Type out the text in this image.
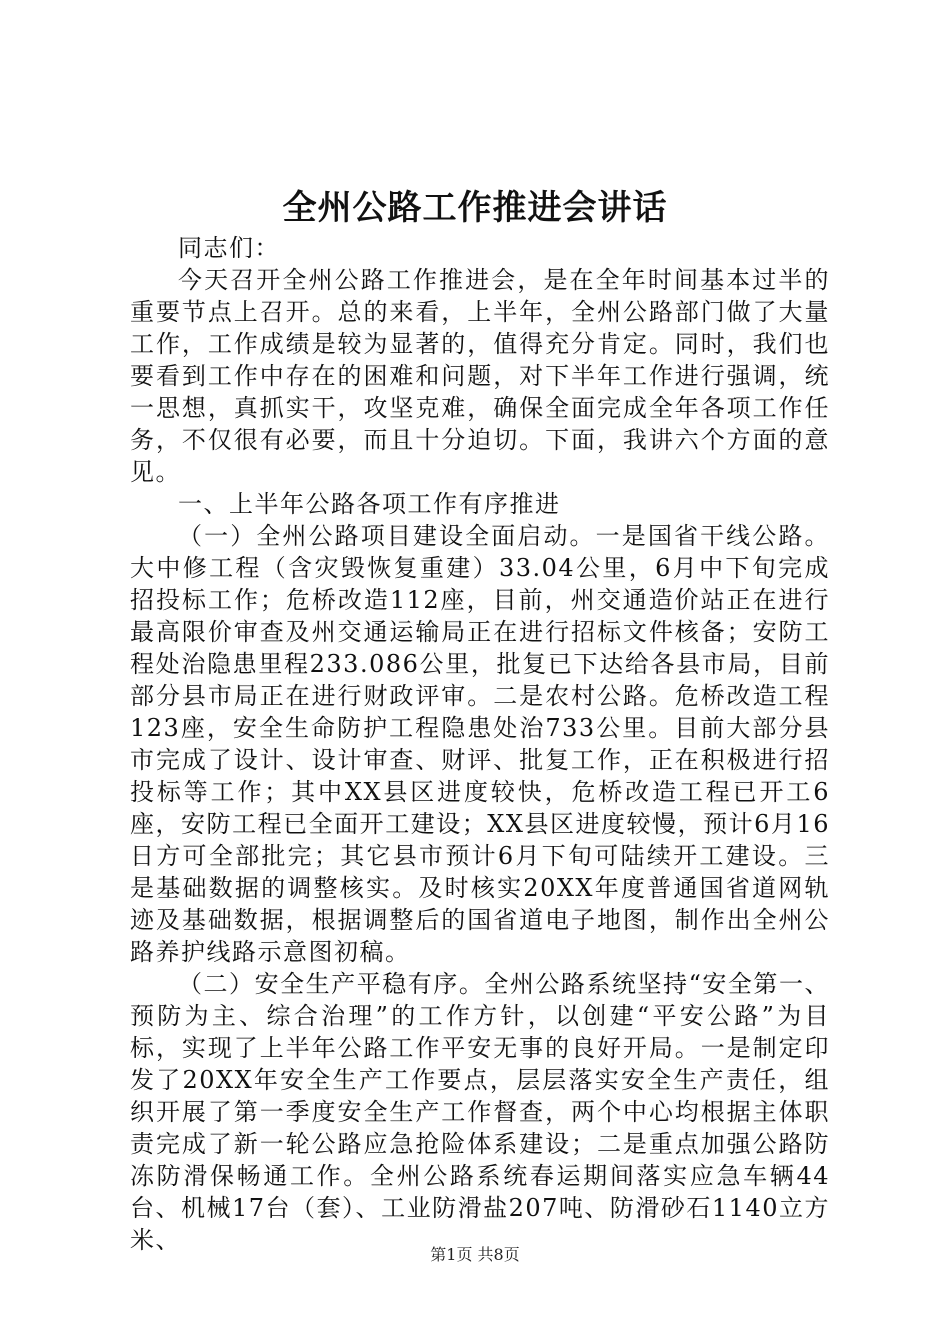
全州公路工作推进会讲话

同志们：

今天召开全州公路工作推进会，是在全年时间基本过半的重要节点上召开。总的来看，上半年，全州公路部门做了大量工作，工作成绩是较为显著的，值得充分肯定。同时，我们也要看到工作中存在的困难和问题，对下半年工作进行强调，统一思想，真抓实干，攻坚克难，确保全面完成全年各项工作任务，不仅很有必要，而且十分迫切。下面，我讲六个方面的意见。

一、上半年公路各项工作有序推进

（一）全州公路项目建设全面启动。一是国省干线公路。大中修工程（含灾毁恢复重建）33.04公里，6月中下旬完成招投标工作；危桥改造112座，目前，州交通造价站正在进行最高限价审查及州交通运输局正在进行招标文件核备；安防工程处治隐患里程233.086公里，批复已下达给各县市局，目前部分县市局正在进行财政评审。二是农村公路。危桥改造工程123座，安全生命防护工程隐患处治733公里。目前大部分县市完成了设计、设计审查、财评、批复工作，正在积极进行招投标等工作；其中XX县区进度较快，危桥改造工程已开工6座，安防工程已全面开工建设；XX县区进度较慢，预计6月16日方可全部批完；其它县市预计6月下旬可陆续开工建设。三是基础数据的调整核实。及时核实20XX年度普通国省道网轨迹及基础数据，根据调整后的国省道电子地图，制作出全州公路养护线路示意图初稿。

（二）安全生产平稳有序。全州公路系统坚持“安全第一、预防为主、综合治理”的工作方针，以创建“平安公路”为目标，实现了上半年公路工作平安无事的良好开局。一是制定印发了20XX年安全生产工作要点，层层落实安全生产责任，组织开展了第一季度安全生产工作督查，两个中心均根据主体职责完成了新一轮公路应急抢险体系建设；二是重点加强公路防冻防滑保畅通工作。全州公路系统春运期间落实应急车辆44台、机械17台（套）、工业防滑盐207吨、防滑砂石1140立方米、

第1页 共8页
